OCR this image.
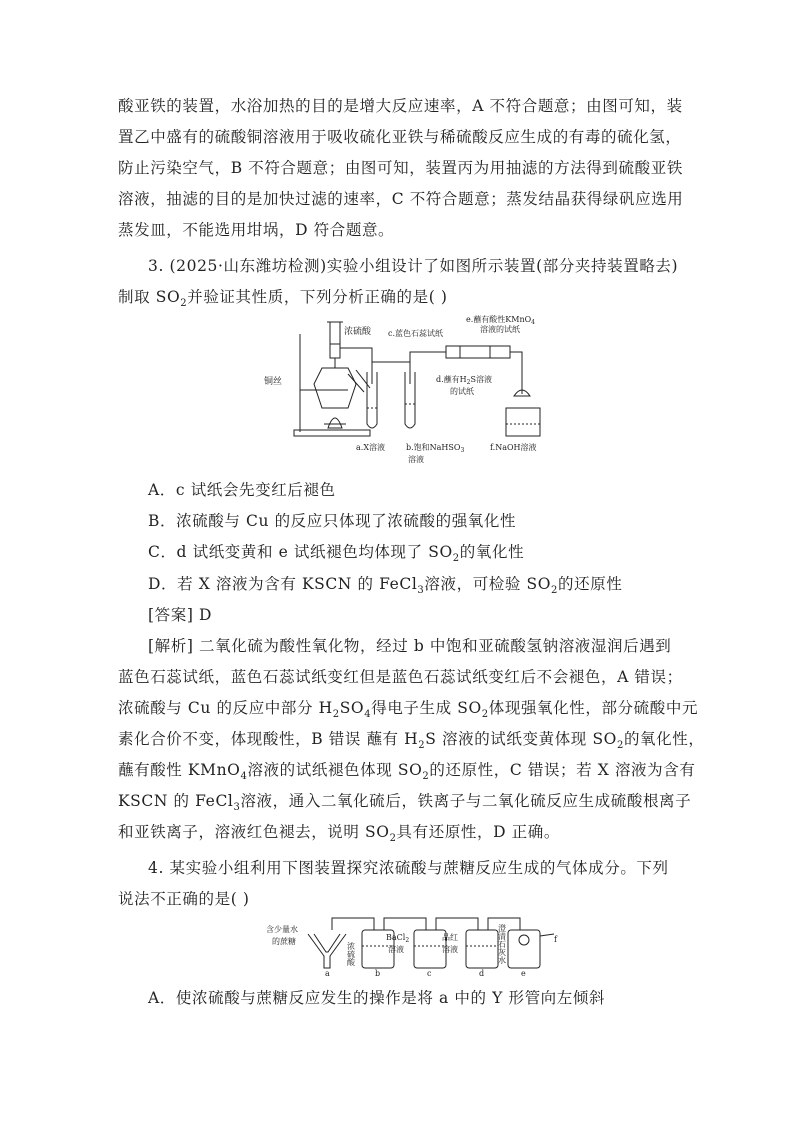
酸亚铁的装置，水浴加热的目的是增大反应速率，A 不符合题意；由图可知，装
置乙中盛有的硫酸铜溶液用于吸收硫化亚铁与稀硫酸反应生成的有毒的硫化氢，
防止污染空气，B 不符合题意；由图可知，装置丙为用抽滤的方法得到硫酸亚铁
溶液，抽滤的目的是加快过滤的速率，C 不符合题意；蒸发结晶获得绿矾应选用
蒸发皿，不能选用坩埚，D 符合题意。
3. (2025·山东潍坊检测)实验小组设计了如图所示装置(部分夹持装置略去)
制取 $SO_2$并验证其性质，下列分析正确的是( )
浓硫酸 c.蓝色石蕊试纸
e.蘸有酸性KMnO$_4$
溶液的试纸
d.蘸有$H_2S$溶液
的试纸
铜丝
a.X溶液	b.饱和NaHSO$_3$
溶液
f.NaOH溶液
A．c 试纸会先变红后褪色
B．浓硫酸与 Cu 的反应只体现了浓硫酸的强氧化性
C．d 试纸变黄和 e 试纸褪色均体现了 $SO_2$的氧化性
D．若 X 溶液为含有 KSCN 的 FeCl$_3$溶液，可检验 $SO_2$的还原性
[答案] D
[解析] 二氧化硫为酸性氧化物，经过 b 中饱和亚硫酸氢钠溶液湿润后遇到
蓝色石蕊试纸，蓝色石蕊试纸变红但是蓝色石蕊试纸变红后不会褪色，A 错误；
浓硫酸与 Cu 的反应中部分 $H_2SO_4$得电子生成 $SO_2$体现强氧化性，部分硫酸中元
素化合价不变，体现酸性，B 错误 蘸有 $H_2S$ 溶液的试纸变黄体现 $SO_2$的氧化性，
蘸有酸性 KMnO$_4$溶液的试纸褪色体现 $SO_2$的还原性，C 错误；若 X 溶液为含有
KSCN 的 FeCl$_3$溶液，通入二氧化硫后，铁离子与二氧化硫反应生成硫酸根离子
和亚铁离子，溶液红色褪去，说明 $SO_2$具有还原性，D 正确。
4. 某实验小组利用下图装置探究浓硫酸与蔗糖反应生成的气体成分。下列
说法不正确的是( )
含少量水
的蔗糖
浓硫酸
BaCl$_2$
溶液
品红
溶液	澄清石灰水	f
a	b	c	d	e
A．使浓硫酸与蔗糖反应发生的操作是将 a 中的 Y 形管向左倾斜
